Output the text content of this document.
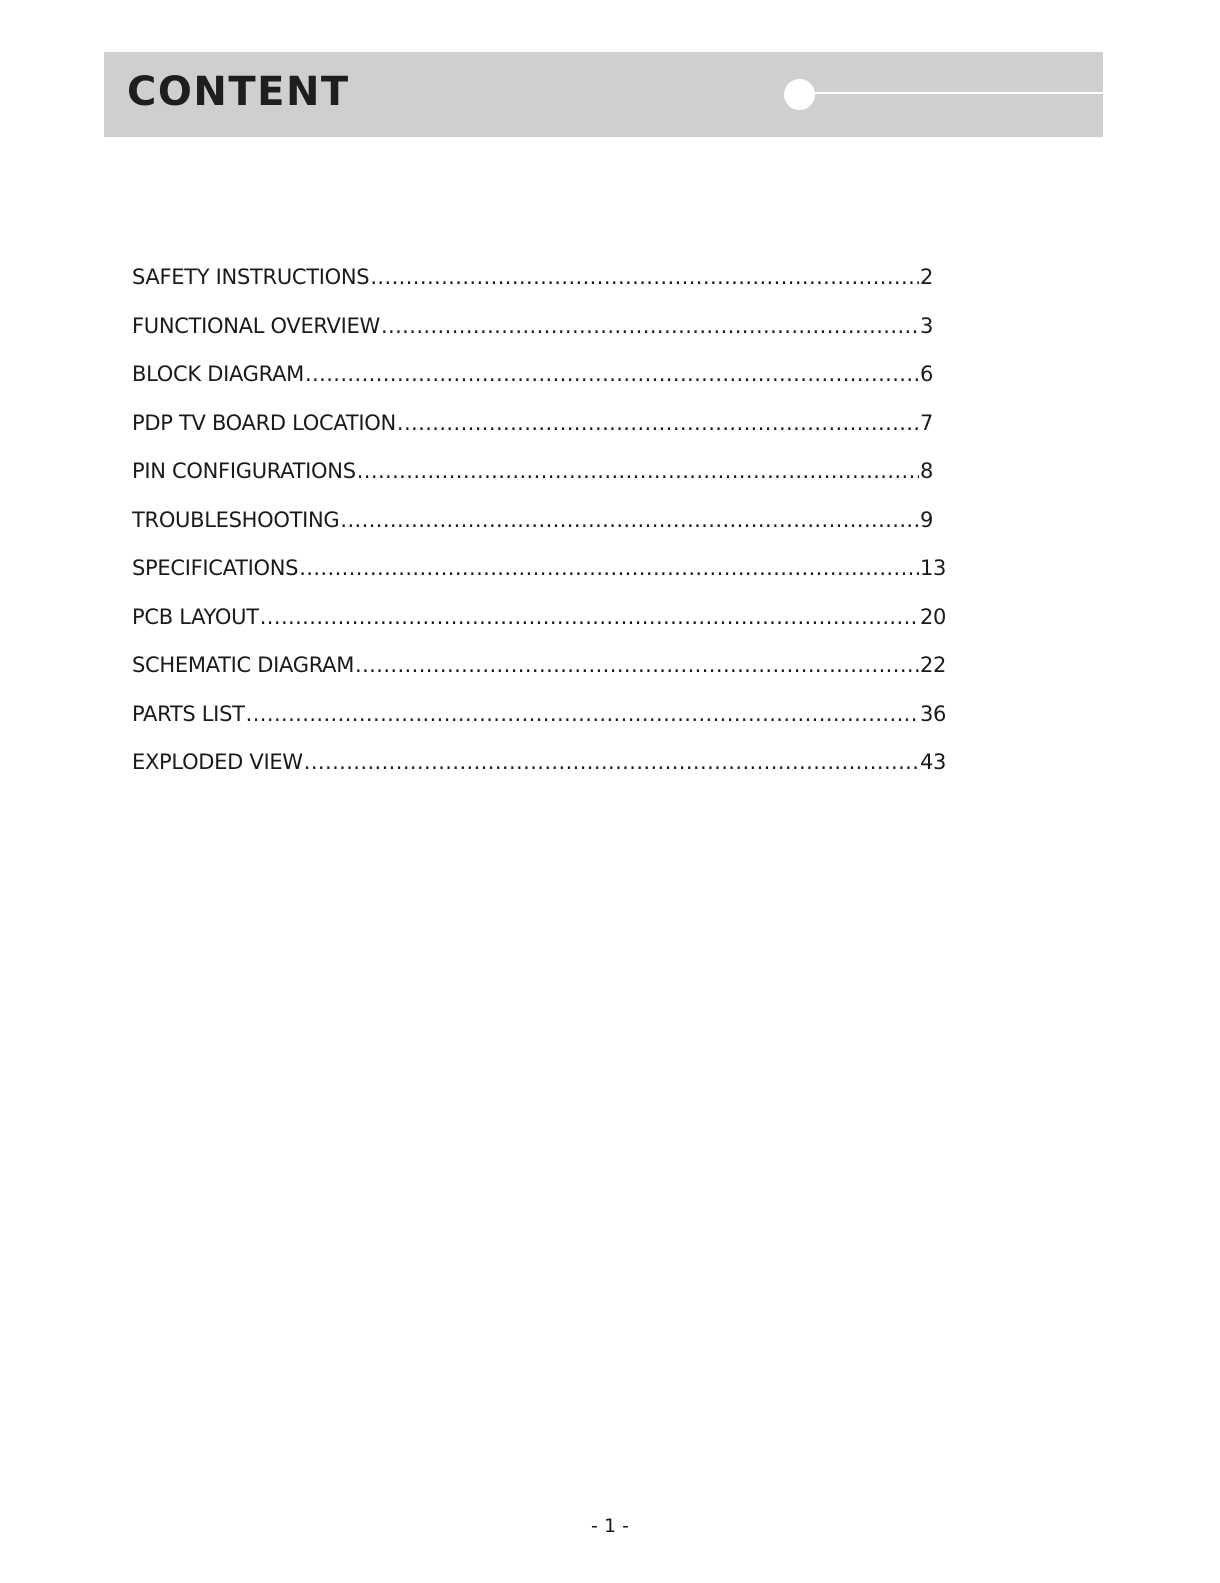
CONTENT
SAFETY INSTRUCTIONS .....	2
FUNCTIONAL OVERVIEW .....	3
BLOCK DIAGRAM .....	6
PDP TV BOARD LOCATION .....	7
PIN CONFIGURATIONS .....	8
TROUBLESHOOTING .....	9
SPECIFICATIONS .....	13
PCB LAYOUT .....	20
SCHEMATIC DIAGRAM .....	22
PARTS LIST .....	36
EXPLODED VIEW .....	43
- 1 -
